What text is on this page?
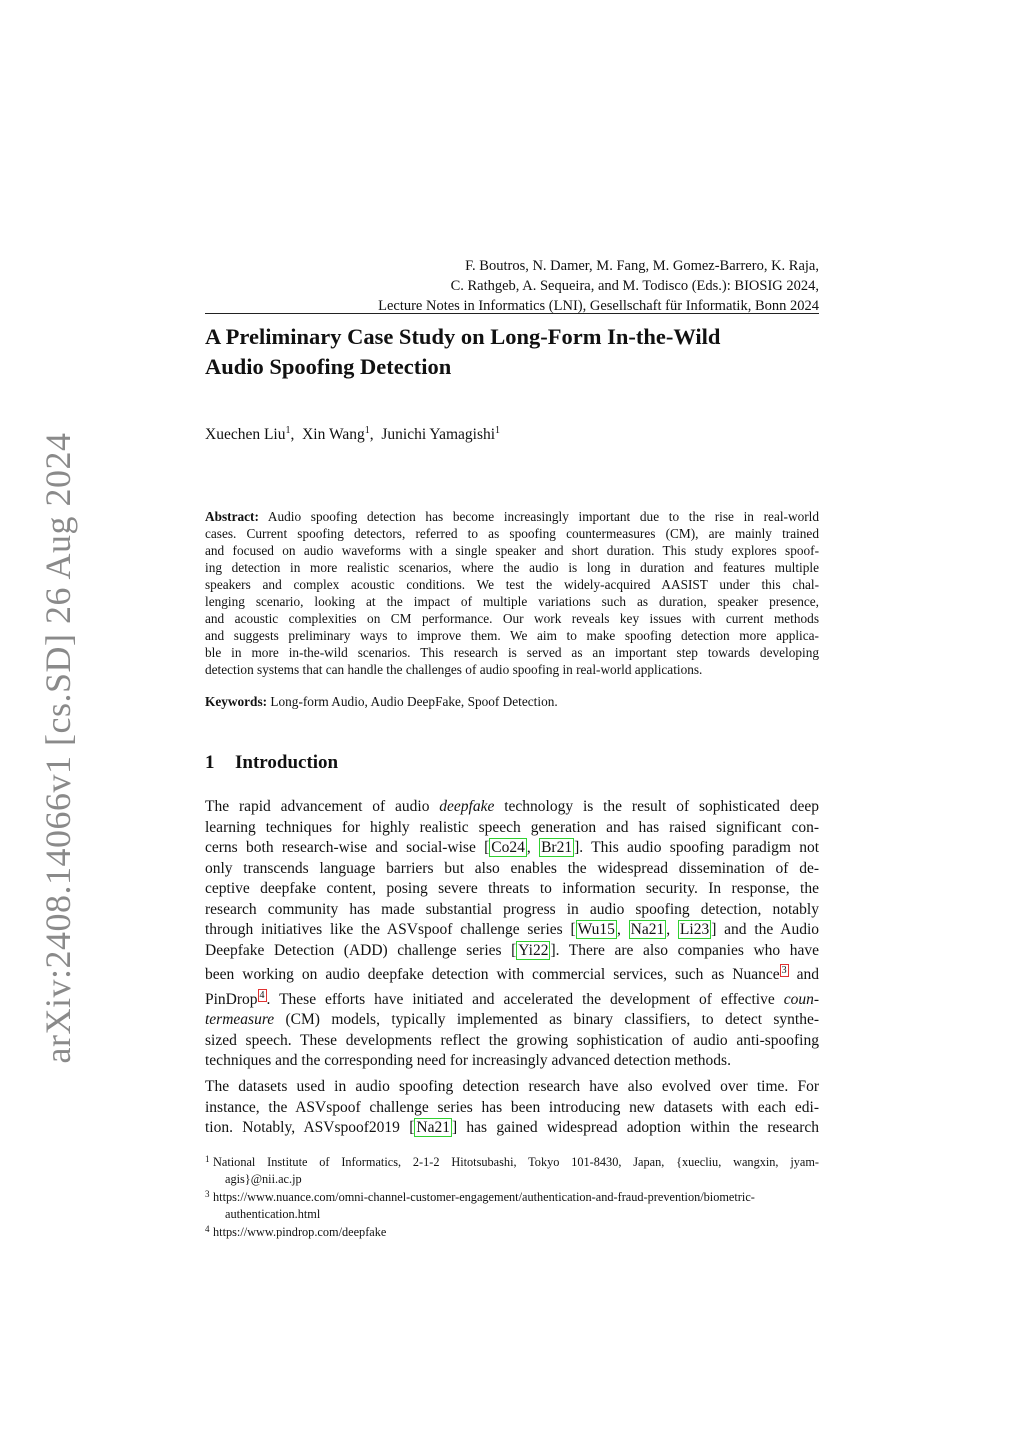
arXiv:2408.14066v1 [cs.SD] 26 Aug 2024
F. Boutros, N. Damer, M. Fang, M. Gomez-Barrero, K. Raja,
C. Rathgeb, A. Sequeira, and M. Todisco (Eds.): BIOSIG 2024,
Lecture Notes in Informatics (LNI), Gesellschaft für Informatik, Bonn 2024
A Preliminary Case Study on Long-Form In-the-Wild
Audio Spoofing Detection
Xuechen Liu$^1$,  Xin Wang$^1$,  Junichi Yamagishi$^1$
Abstract: Audio spoofing detection has become increasingly important due to the rise in real-world
cases. Current spoofing detectors, referred to as spoofing countermeasures (CM), are mainly trained
and focused on audio waveforms with a single speaker and short duration. This study explores spoof-
ing detection in more realistic scenarios, where the audio is long in duration and features multiple
speakers and complex acoustic conditions. We test the widely-acquired AASIST under this chal-
lenging scenario, looking at the impact of multiple variations such as duration, speaker presence,
and acoustic complexities on CM performance. Our work reveals key issues with current methods
and suggests preliminary ways to improve them. We aim to make spoofing detection more applica-
ble in more in-the-wild scenarios. This research is served as an important step towards developing
detection systems that can handle the challenges of audio spoofing in real-world applications.
Keywords: Long-form Audio, Audio DeepFake, Spoof Detection.
1 Introduction
The rapid advancement of audio deepfake technology is the result of sophisticated deep
learning techniques for highly realistic speech generation and has raised significant con-
cerns both research-wise and social-wise [ Co24 , Br21 ]. This audio spoofing paradigm not
only transcends language barriers but also enables the widespread dissemination of de-
ceptive deepfake content, posing severe threats to information security. In response, the
research community has made substantial progress in audio spoofing detection, notably
through initiatives like the ASVspoof challenge series [ Wu15 , Na21 , Li23 ] and the Audio
Deepfake Detection (ADD) challenge series [ Yi22 ]. There are also companies who have
been working on audio deepfake detection with commercial services, such as Nuance $^3$ and
PinDrop $^4$ . These efforts have initiated and accelerated the development of effective coun-
termeasure (CM) models, typically implemented as binary classifiers, to detect synthe-
sized speech. These developments reflect the growing sophistication of audio anti-spoofing
techniques and the corresponding need for increasingly advanced detection methods.
The datasets used in audio spoofing detection research have also evolved over time. For
instance, the ASVspoof challenge series has been introducing new datasets with each edi-
tion. Notably, ASVspoof2019 [ Na21 ] has gained widespread adoption within the research
1 National Institute of Informatics, 2-1-2 Hitotsubashi, Tokyo 101-8430, Japan, {xuecliu, wangxin, jyam-
agis}@nii.ac.jp
3 https://www.nuance.com/omni-channel-customer-engagement/authentication-and-fraud-prevention/biometric-
authentication.html
4 https://www.pindrop.com/deepfake
